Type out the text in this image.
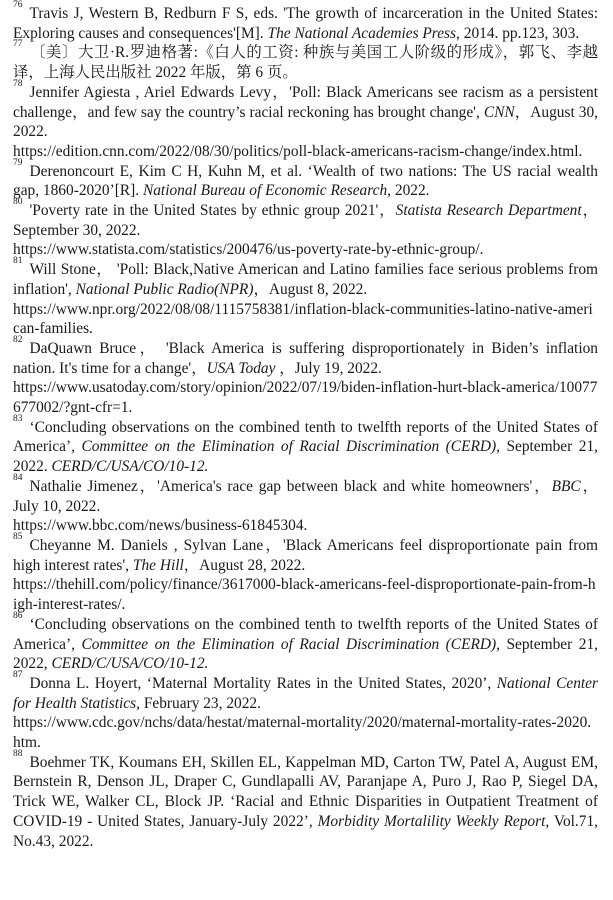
$^{76}$Travis J, Western B, Redburn F S, eds. 'The growth of incarceration in the United States: Exploring causes and consequences'[M]. The National Academies Press, 2014. pp.123, 303.

$^{77}$〔美〕大卫·R.罗迪格著:《白人的工资: 种族与美国工人阶级的形成》，郭飞、李越译，上海人民出版社 2022 年版，第 6 页。

$^{78}$Jennifer Agiesta , Ariel Edwards Levy，'Poll: Black Americans see racism as a persistent challenge，and few say the country’s racial reckoning has brought change', CNN，August 30, 2022.
https://edition.cnn.com/2022/08/30/politics/poll-black-americans-racism-change/index.html.

$^{79}$Derenoncourt E, Kim C H, Kuhn M, et al. ‘Wealth of two nations: The US racial wealth gap, 1860-2020’[R]. National Bureau of Economic Research, 2022.

$^{80}$'Poverty rate in the United States by ethnic group 2021'，Statista Research Department，September 30, 2022.
https://www.statista.com/statistics/200476/us-poverty-rate-by-ethnic-group/.

$^{81}$Will Stone， 'Poll: Black,Native American and Latino families face serious problems from inflation', National Public Radio(NPR)，August 8, 2022.
https://www.npr.org/2022/08/08/1115758381/inflation-black-communities-latino-native-american-families.

$^{82}$DaQuawn Bruce， 'Black America is suffering disproportionately in Biden’s inflation nation. It's time for a change'，USA Today ，July 19, 2022.
https://www.usatoday.com/story/opinion/2022/07/19/biden-inflation-hurt-black-america/10077677002/?gnt-cfr=1.

$^{83}$‘Concluding observations on the combined tenth to twelfth reports of the United States of America’, Committee on the Elimination of Racial Discrimination (CERD), September 21, 2022. CERD/C/USA/CO/10-12.

$^{84}$Nathalie Jimenez，'America's race gap between black and white homeowners'，BBC，July 10, 2022.
https://www.bbc.com/news/business-61845304.

$^{85}$Cheyanne M. Daniels , Sylvan Lane，'Black Americans feel disproportionate pain from high interest rates', The Hill，August 28, 2022.
https://thehill.com/policy/finance/3617000-black-americans-feel-disproportionate-pain-from-high-interest-rates/.

$^{86}$‘Concluding observations on the combined tenth to twelfth reports of the United States of America’, Committee on the Elimination of Racial Discrimination (CERD), September 21, 2022, CERD/C/USA/CO/10-12.

$^{87}$Donna L. Hoyert, ‘Maternal Mortality Rates in the United States, 2020’, National Center for Health Statistics, February 23, 2022.
https://www.cdc.gov/nchs/data/hestat/maternal-mortality/2020/maternal-mortality-rates-2020.htm.

$^{88}$Boehmer TK, Koumans EH, Skillen EL, Kappelman MD, Carton TW, Patel A, August EM, Bernstein R, Denson JL, Draper C, Gundlapalli AV, Paranjape A, Puro J, Rao P, Siegel DA, Trick WE, Walker CL, Block JP. ‘Racial and Ethnic Disparities in Outpatient Treatment of COVID-19 - United States, January-July 2022’, Morbidity Mortalility Weekly Report, Vol.71, No.43, 2022.
